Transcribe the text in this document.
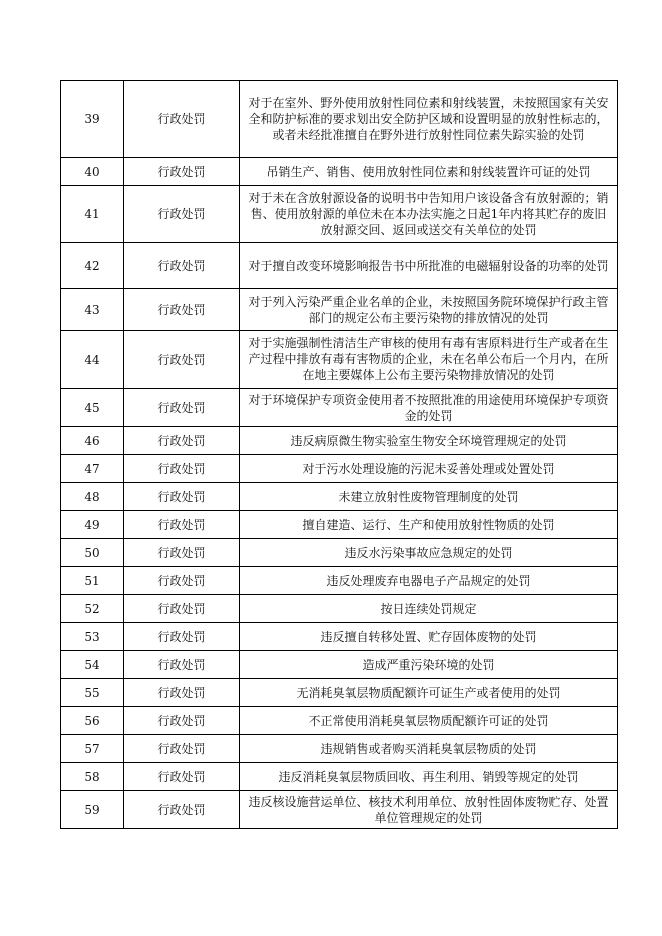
39	行政处罚	对于在室外、野外使用放射性同位素和射线装置，未按照国家有关安全和防护标准的要求划出安全防护区域和设置明显的放射性标志的，或者未经批准擅自在野外进行放射性同位素失踪实验的处罚
40	行政处罚	吊销生产、销售、使用放射性同位素和射线装置许可证的处罚
41	行政处罚	对于未在含放射源设备的说明书中告知用户该设备含有放射源的；销售、使用放射源的单位未在本办法实施之日起1年内将其贮存的废旧放射源交回、返回或送交有关单位的处罚
42	行政处罚	对于擅自改变环境影响报告书中所批准的电磁辐射设备的功率的处罚
43	行政处罚	对于列入污染严重企业名单的企业，未按照国务院环境保护行政主管部门的规定公布主要污染物的排放情况的处罚
44	行政处罚	对于实施强制性清洁生产审核的使用有毒有害原料进行生产或者在生产过程中排放有毒有害物质的企业，未在名单公布后一个月内，在所在地主要媒体上公布主要污染物排放情况的处罚

45	行政处罚	对于环境保护专项资金使用者不按照批准的用途使用环境保护专项资金的处罚
46	行政处罚	违反病原微生物实验室生物安全环境管理规定的处罚
47	行政处罚	对于污水处理设施的污泥未妥善处理或处置处罚
48	行政处罚	未建立放射性废物管理制度的处罚
49	行政处罚	擅自建造、运行、生产和使用放射性物质的处罚
50	行政处罚	违反水污染事故应急规定的处罚
51	行政处罚	违反处理废弃电器电子产品规定的处罚
52	行政处罚	按日连续处罚规定
53	行政处罚	违反擅自转移处置、贮存固体废物的处罚
54	行政处罚	造成严重污染环境的处罚
55	行政处罚	无消耗臭氧层物质配额许可证生产或者使用的处罚
56	行政处罚	不正常使用消耗臭氧层物质配额许可证的处罚
57	行政处罚	违规销售或者购买消耗臭氧层物质的处罚
58	行政处罚	违反消耗臭氧层物质回收、再生利用、销毁等规定的处罚
59	行政处罚	违反核设施营运单位、核技术利用单位、放射性固体废物贮存、处置单位管理规定的处罚
